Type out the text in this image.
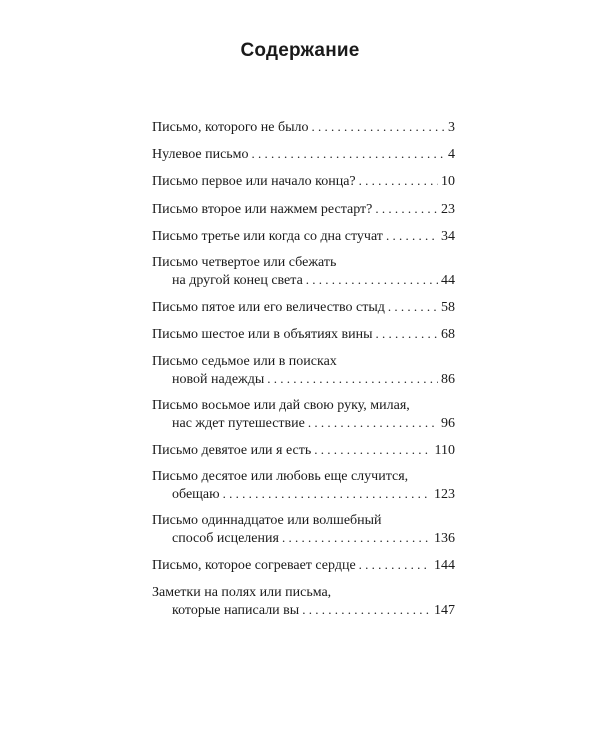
Содержание
Письмо, которого не было . . .	3
Нулевое письмо . . .	4
Письмо первое или начало конца? . . .	10
Письмо второе или нажмем рестарт? . . .	23
Письмо третье или когда со дна стучат . . .	34
Письмо четвертое или сбежать
на другой конец света . . .	44
Письмо пятое или его величество стыд . . .	58
Письмо шестое или в объятиях вины . . .	68
Письмо седьмое или в поисках
новой надежды . . .	86
Письмо восьмое или дай свою руку, милая,
нас ждет путешествие . . .	96
Письмо девятое или я есть . . .	110
Письмо десятое или любовь еще случится,
обещаю . . .	123
Письмо одиннадцатое или волшебный
способ исцеления . . .	136
Письмо, которое согревает сердце . . .	144
Заметки на полях или письма,
которые написали вы . . .	147
